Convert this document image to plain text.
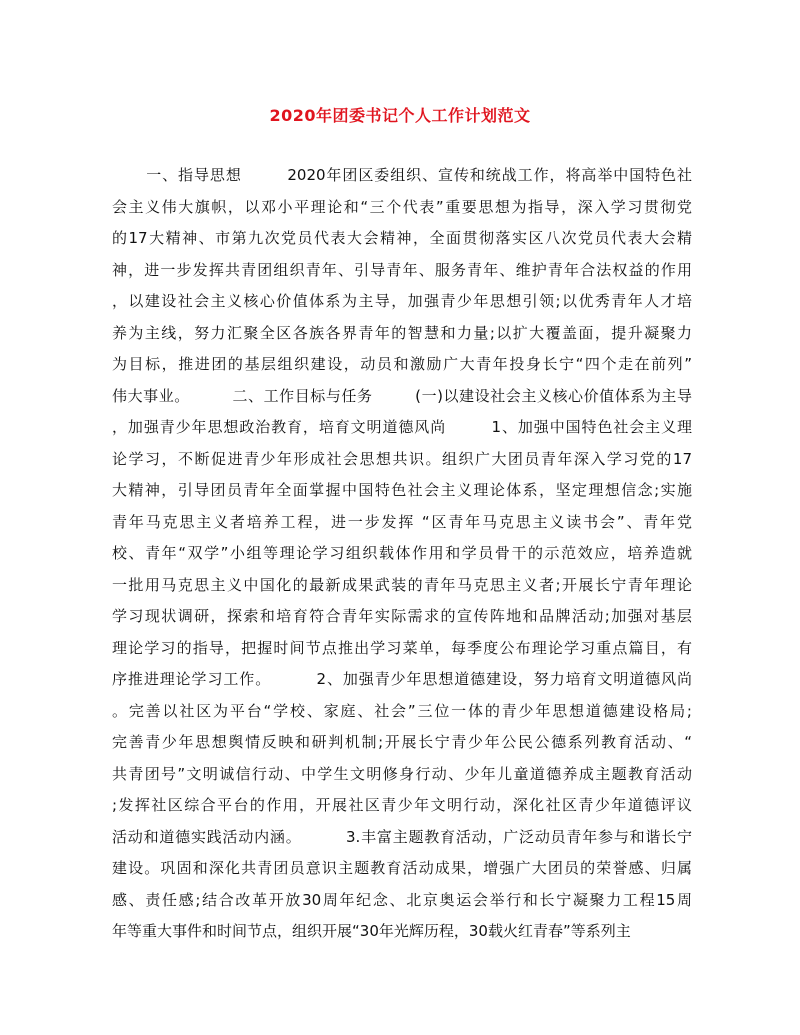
2020年团委书记个人工作计划范文
一、指导思想        2020年团区委组织、宣传和统战工作，将高举中国特色社
会主义伟大旗帜，以邓小平理论和“三个代表”重要思想为指导，深入学习贯彻党
的17大精神、市第九次党员代表大会精神，全面贯彻落实区八次党员代表大会精
神，进一步发挥共青团组织青年、引导青年、服务青年、维护青年合法权益的作用
，以建设社会主义核心价值体系为主导，加强青少年思想引领;以优秀青年人才培
养为主线，努力汇聚全区各族各界青年的智慧和力量;以扩大覆盖面，提升凝聚力
为目标，推进团的基层组织建设，动员和激励广大青年投身长宁“四个走在前列”
伟大事业。        二、工作目标与任务        (一)以建设社会主义核心价值体系为主导
，加强青少年思想政治教育，培育文明道德风尚        1、加强中国特色社会主义理
论学习，不断促进青少年形成社会思想共识。组织广大团员青年深入学习党的17
大精神，引导团员青年全面掌握中国特色社会主义理论体系，坚定理想信念;实施
青年马克思主义者培养工程，进一步发挥 “区青年马克思主义读书会”、青年党
校、青年“双学”小组等理论学习组织载体作用和学员骨干的示范效应，培养造就
一批用马克思主义中国化的最新成果武装的青年马克思主义者;开展长宁青年理论
学习现状调研，探索和培育符合青年实际需求的宣传阵地和品牌活动;加强对基层
理论学习的指导，把握时间节点推出学习菜单，每季度公布理论学习重点篇目，有
序推进理论学习工作。        2、加强青少年思想道德建设，努力培育文明道德风尚
。完善以社区为平台“学校、家庭、社会”三位一体的青少年思想道德建设格局;
完善青少年思想舆情反映和研判机制;开展长宁青少年公民公德系列教育活动、“
共青团号”文明诚信行动、中学生文明修身行动、少年儿童道德养成主题教育活动
;发挥社区综合平台的作用，开展社区青少年文明行动，深化社区青少年道德评议
活动和道德实践活动内涵。        3.丰富主题教育活动，广泛动员青年参与和谐长宁
建设。巩固和深化共青团员意识主题教育活动成果，增强广大团员的荣誉感、归属
感、责任感;结合改革开放30周年纪念、北京奥运会举行和长宁凝聚力工程15周
年等重大事件和时间节点，组织开展“30年光辉历程，30载火红青春”等系列主
